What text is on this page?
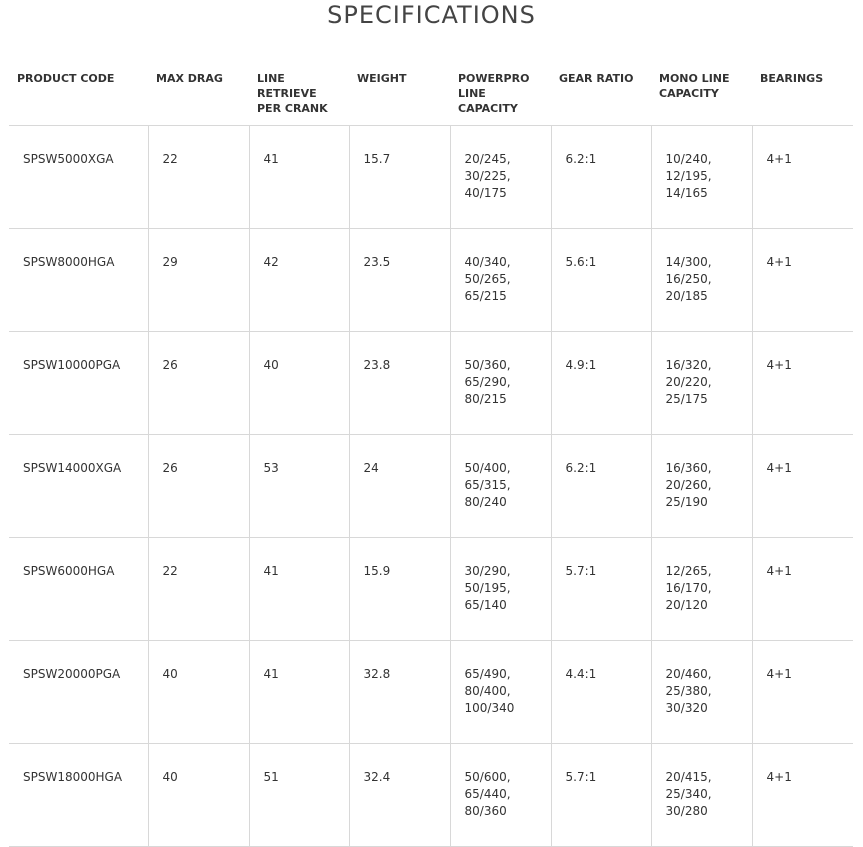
SPECIFICATIONS
PRODUCT CODE	MAX DRAG	LINE RETRIEVE PER CRANK	WEIGHT	POWERPRO LINE CAPACITY	GEAR RATIO	MONO LINE CAPACITY	BEARINGS
SPSW5000XGA	22	41	15.7	20/245,
30/225,
40/175	6.2:1	10/240,
12/195,
14/165	4+1
SPSW8000HGA	29	42	23.5	40/340,
50/265,
65/215	5.6:1	14/300,
16/250,
20/185	4+1
SPSW10000PGA	26	40	23.8	50/360,
65/290,
80/215	4.9:1	16/320,
20/220,
25/175	4+1
SPSW14000XGA	26	53	24	50/400,
65/315,
80/240	6.2:1	16/360,
20/260,
25/190	4+1
SPSW6000HGA	22	41	15.9	30/290,
50/195,
65/140	5.7:1	12/265,
16/170,
20/120	4+1
SPSW20000PGA	40	41	32.8	65/490,
80/400,
100/340	4.4:1	20/460,
25/380,
30/320	4+1
SPSW18000HGA	40	51	32.4	50/600,
65/440,
80/360	5.7:1	20/415,
25/340,
30/280	4+1
